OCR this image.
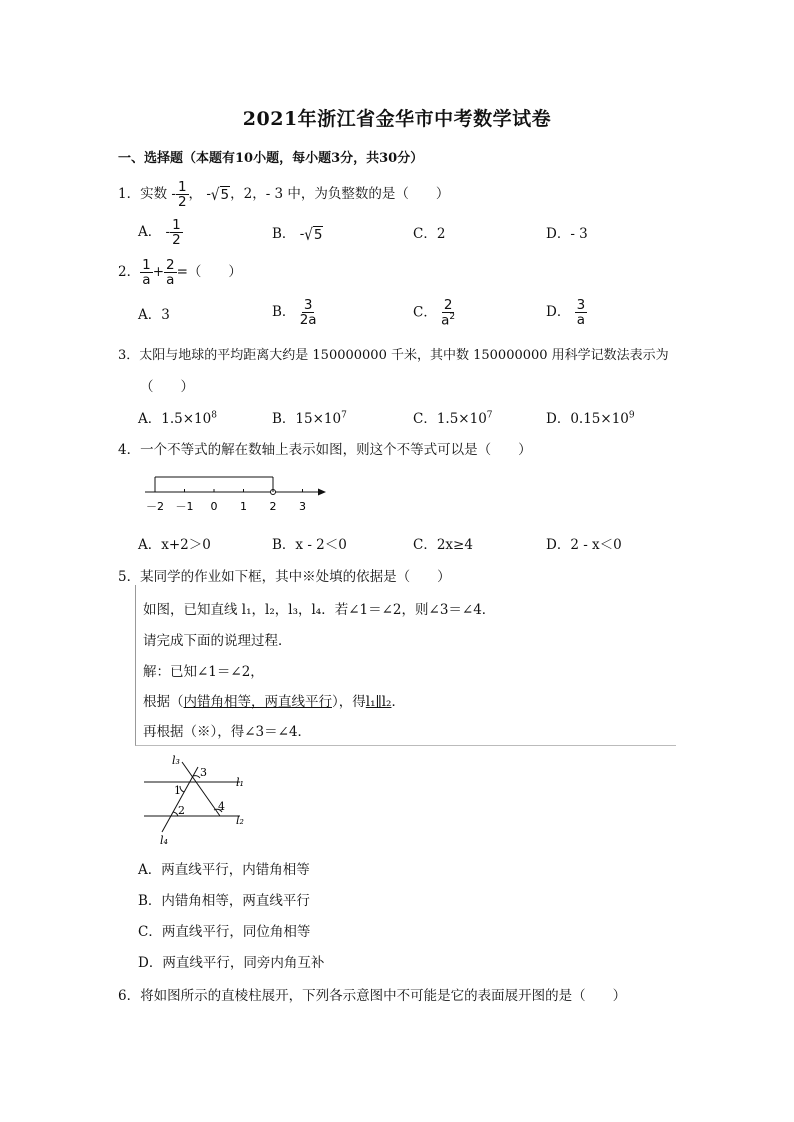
2021年浙江省金华市中考数学试卷
一、选择题（本题有10小题，每小题3分，共30分）
1．实数 - $\frac{1}{2}$ ， -√5，2，- 3 中，为负整数的是（　　）
A． - $\frac{1}{2}$	B． -√5	C．2	D．- 3
2． $\frac{1}{a} + \frac{2}{a}$ =（　　）
A．3	B． $\frac{3}{2a}$	C． $\frac{2}{a^2}$	D． $\frac{3}{a}$
3．太阳与地球的平均距离大约是 150000000 千米，其中数 150000000 用科学记数法表示为
（　　）
A．$1.5\times 10^8$	B．$15\times 10^7$	C．$1.5\times 10^7$	D．$0.15\times 10^9$
4．一个不等式的解在数轴上表示如图，则这个不等式可以是（　　）
－2 －1 0 1 2 3
A．x+2＞0	B．x - 2＜0	C．2x≥4	D．2 - x＜0
5．某同学的作业如下框，其中※处填的依据是（　　）
如图，已知直线 l₁，l₂，l₃，l₄．若∠1＝∠2，则∠3＝∠4．
请完成下面的说理过程．
解：已知∠1＝∠2，
根据（内错角相等，两直线平行），得l₁∥l₂．
再根据（※），得∠3＝∠4．
l₃
l₁
l₂
l₄
3
1
2	4
A．两直线平行，内错角相等
B．内错角相等，两直线平行
C．两直线平行，同位角相等
D．两直线平行，同旁内角互补
6．将如图所示的直棱柱展开，下列各示意图中不可能是它的表面展开图的是（　　）
